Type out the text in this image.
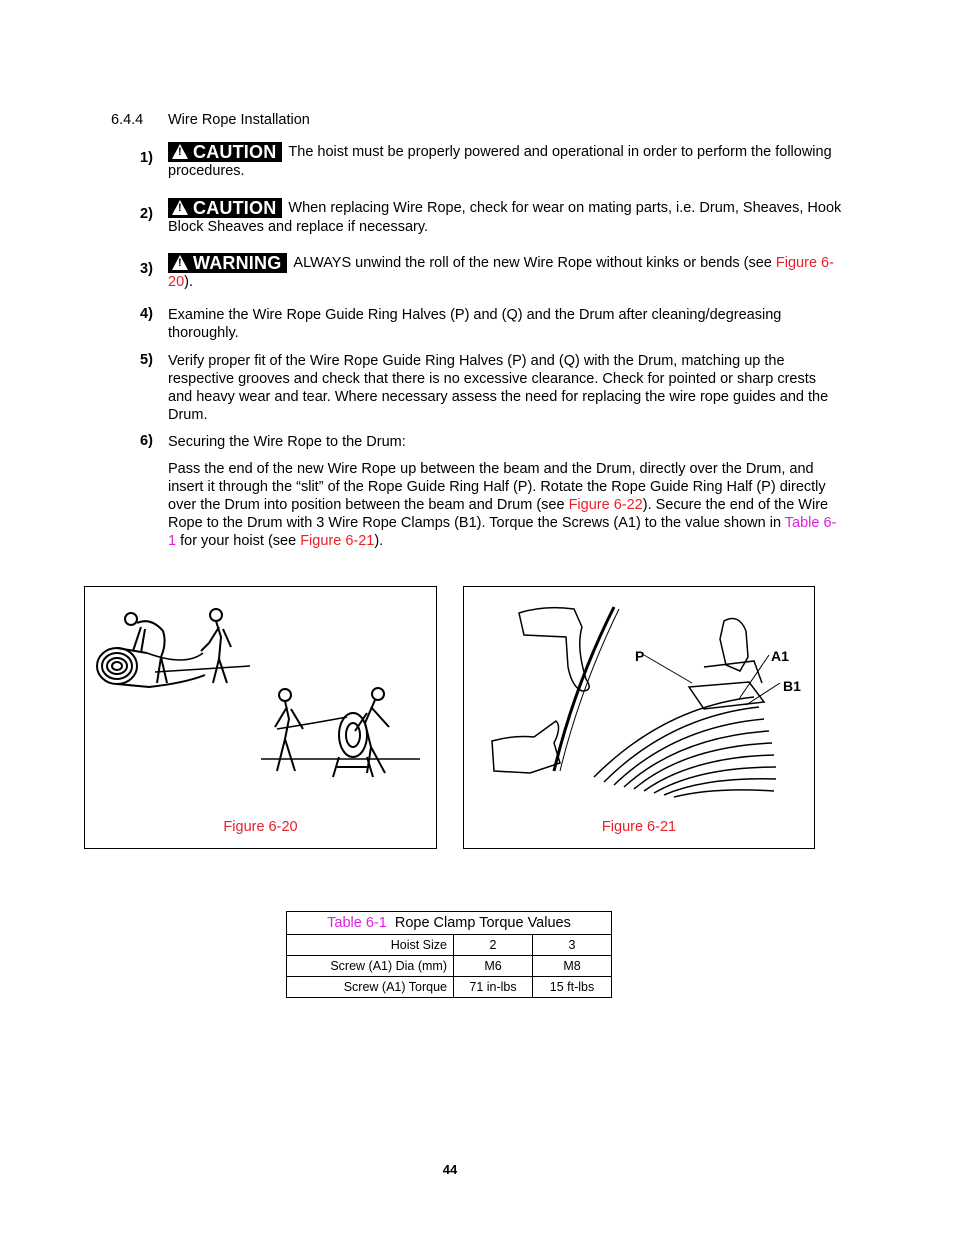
6.4.4 Wire Rope Installation
1) !	CAUTION The hoist must be properly powered and operational in order to perform the following procedures.
2) !	CAUTION When replacing Wire Rope, check for wear on mating parts, i.e. Drum, Sheaves, Hook Block Sheaves and replace if necessary.
3) !	WARNING ALWAYS unwind the roll of the new Wire Rope without kinks or bends (see Figure 6-20).
4) Examine the Wire Rope Guide Ring Halves (P) and (Q) and the Drum after cleaning/degreasing thoroughly.
5) Verify proper fit of the Wire Rope Guide Ring Halves (P) and (Q) with the Drum, matching up the respective grooves and check that there is no excessive clearance. Check for pointed or sharp crests and heavy wear and tear. Where necessary assess the need for replacing the wire rope guides and the Drum.
6) Securing the Wire Rope to the Drum:
Pass the end of the new Wire Rope up between the beam and the Drum, directly over the Drum, and insert it through the “slit” of the Rope Guide Ring Half (P). Rotate the Rope Guide Ring Half (P) directly over the Drum into position between the beam and Drum (see Figure 6-22). Secure the end of the Wire Rope to the Drum with 3 Wire Rope Clamps (B1). Torque the Screws (A1) to the value shown in Table 6-1 for your hoist (see Figure 6-21).
Figure 6-20
P	A1
B1
Figure 6-21
Table 6-1 Rope Clamp Torque Values		
Hoist Size	2	3
Screw (A1) Dia (mm)	M6	M8
Screw (A1) Torque	71 in-lbs	15 ft-lbs
44
